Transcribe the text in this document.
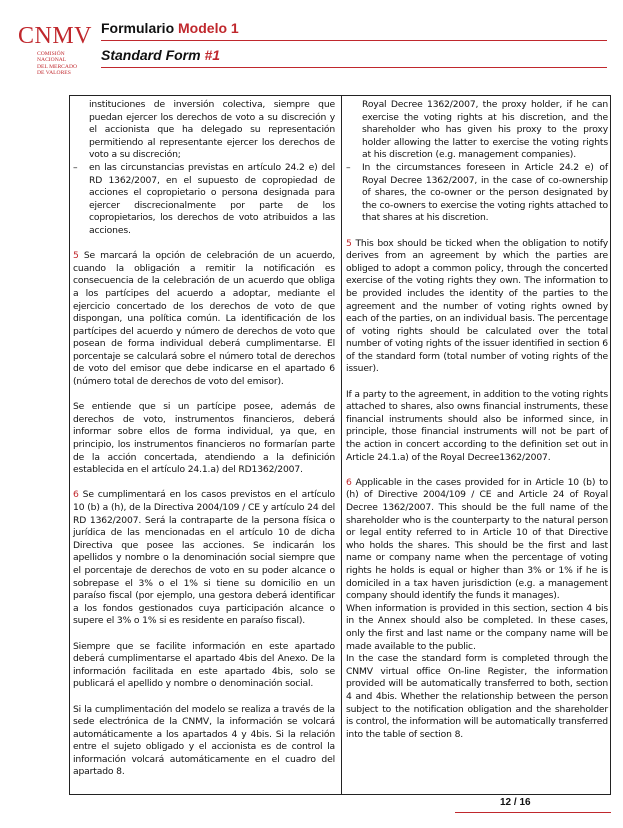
CNMV
COMISIÓN
NACIONAL
DEL MERCADO
DE VALORES
Formulario Modelo 1
Standard Form #1
instituciones de inversión colectiva, siempre que puedan ejercer los derechos de voto a su discreción y el accionista que ha delegado su representación permitiendo al representante ejercer los derechos de voto a su discreción;
– en las circunstancias previstas en artículo 24.2 e) del RD 1362/2007, en el supuesto de copropiedad de acciones el copropietario o persona designada para ejercer discrecionalmente por parte de los copropietarios, los derechos de voto atribuidos a las acciones.

5 Se marcará la opción de celebración de un acuerdo, cuando la obligación a remitir la notificación es consecuencia de la celebración de un acuerdo que obliga a los partícipes del acuerdo a adoptar, mediante el ejercicio concertado de los derechos de voto de que dispongan, una política común. La identificación de los partícipes del acuerdo y número de derechos de voto que posean de forma individual deberá cumplimentarse. El porcentaje se calculará sobre el número total de derechos de voto del emisor que debe indicarse en el apartado 6 (número total de derechos de voto del emisor).

Se entiende que si un partícipe posee, además de derechos de voto, instrumentos financieros, deberá informar sobre ellos de forma individual, ya que, en principio, los instrumentos financieros no formarían parte de la acción concertada, atendiendo a la definición establecida en el artículo 24.1.a) del RD1362/2007.

6 Se cumplimentará en los casos previstos en el artículo 10 (b) a (h), de la Directiva 2004/109 / CE y artículo 24 del RD 1362/2007. Será la contraparte de la persona física o jurídica de las mencionadas en el artículo 10 de dicha Directiva que posee las acciones. Se indicarán los apellidos y nombre o la denominación social siempre que el porcentaje de derechos de voto en su poder alcance o sobrepase el 3% o el 1% si tiene su domicilio en un paraíso fiscal (por ejemplo, una gestora deberá identificar a los fondos gestionados cuya participación alcance o supere el 3% o 1% si es residente en paraíso fiscal).

Siempre que se facilite información en este apartado deberá cumplimentarse el apartado 4bis del Anexo. De la información facilitada en este apartado 4bis, solo se publicará el apellido y nombre o denominación social.

Si la cumplimentación del modelo se realiza a través de la sede electrónica de la CNMV, la información se volcará automáticamente a los apartados 4 y 4bis. Si la relación entre el sujeto obligado y el accionista es de control la información volcará automáticamente en el cuadro del apartado 8.

Royal Decree 1362/2007, the proxy holder, if he can exercise the voting rights at his discretion, and the shareholder who has given his proxy to the proxy holder allowing the latter to exercise the voting rights at his discretion (e.g. management companies).
– In the circumstances foreseen in Article 24.2 e) of Royal Decree 1362/2007, in the case of co-ownership of shares, the co-owner or the person designated by the co-owners to exercise the voting rights attached to that shares at his discretion.

5 This box should be ticked when the obligation to notify derives from an agreement by which the parties are obliged to adopt a common policy, through the concerted exercise of the voting rights they own. The information to be provided includes the identity of the parties to the agreement and the number of voting rights owned by each of the parties, on an individual basis. The percentage of voting rights should be calculated over the total number of voting rights of the issuer identified in section 6 of the standard form (total number of voting rights of the issuer).

If a party to the agreement, in addition to the voting rights attached to shares, also owns financial instruments, these financial instruments should also be informed since, in principle, those financial instruments will not be part of the action in concert according to the definition set out in Article 24.1.a) of the Royal Decree1362/2007.

6 Applicable in the cases provided for in Article 10 (b) to (h) of Directive 2004/109 / CE and Article 24 of Royal Decree 1362/2007. This should be the full name of the shareholder who is the counterparty to the natural person or legal entity referred to in Article 10 of that Directive who holds the shares. This should be the first and last name or company name when the percentage of voting rights he holds is equal or higher than 3% or 1% if he is domiciled in a tax haven jurisdiction (e.g. a management company should identify the funds it manages).

When information is provided in this section, section 4 bis in the Annex should also be completed. In these cases, only the first and last name or the company name will be made available to the public.

In the case the standard form is completed through the CNMV virtual office On-line Register, the information provided will be automatically transferred to both, section 4 and 4bis. Whether the relationship between the person subject to the notification obligation and the shareholder is control, the information will be automatically transferred into the table of section 8.

12 / 16
